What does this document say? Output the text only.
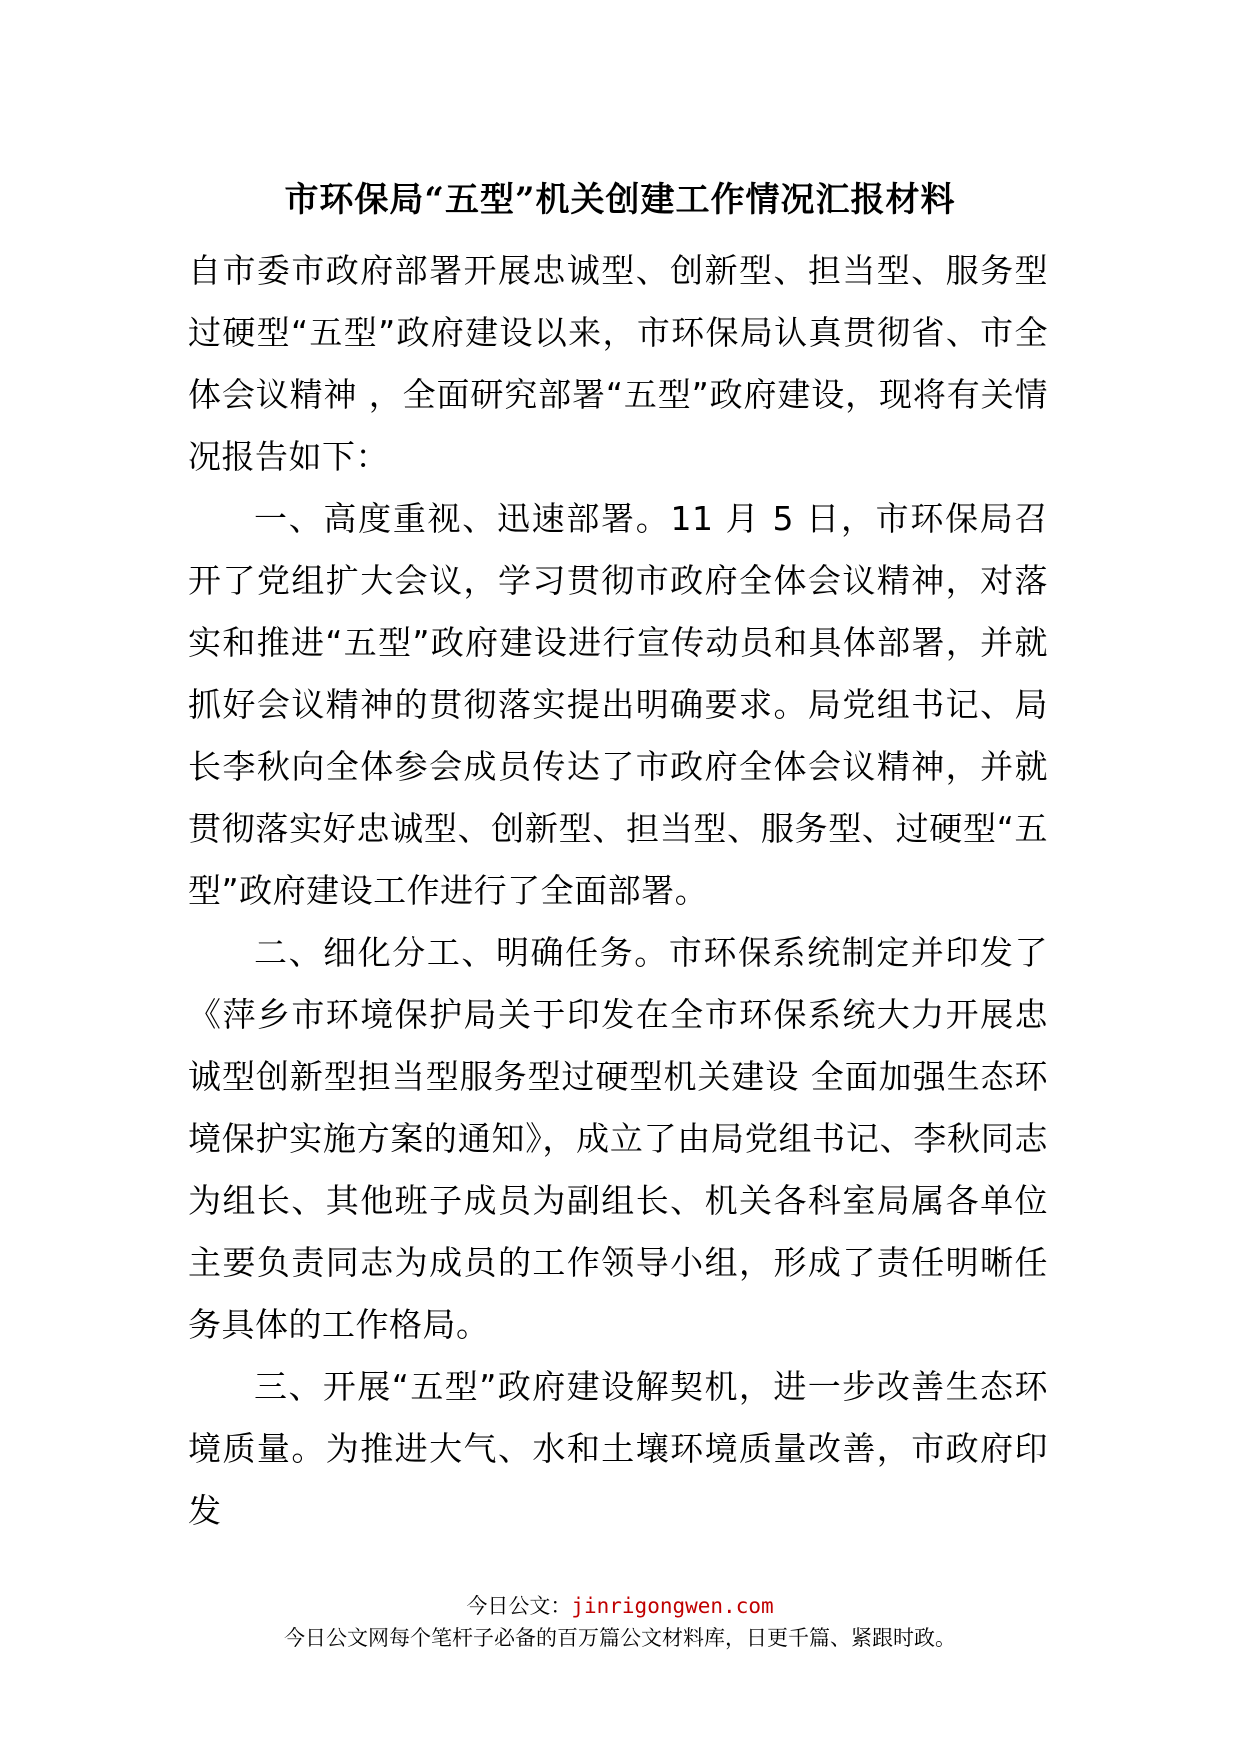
市环保局“五型”机关创建工作情况汇报材料

自市委市政府部署开展忠诚型、创新型、担当型、服务型过硬型“五型”政府建设以来，市环保局认真贯彻省、市全体会议精神 ，全面研究部署“五型”政府建设，现将有关情况报告如下：

一、高度重视、迅速部署。11 月 5 日，市环保局召开了党组扩大会议，学习贯彻市政府全体会议精神，对落实和推进“五型”政府建设进行宣传动员和具体部署，并就抓好会议精神的贯彻落实提出明确要求。局党组书记、局长李秋向全体参会成员传达了市政府全体会议精神，并就贯彻落实好忠诚型、创新型、担当型、服务型、过硬型“五型”政府建设工作进行了全面部署。

二、细化分工、明确任务。市环保系统制定并印发了《萍乡市环境保护局关于印发在全市环保系统大力开展忠诚型创新型担当型服务型过硬型机关建设 全面加强生态环境保护实施方案的通知》，成立了由局党组书记、李秋同志为组长、其他班子成员为副组长、机关各科室局属各单位主要负责同志为成员的工作领导小组，形成了责任明晰任务具体的工作格局。

三、开展“五型”政府建设解契机，进一步改善生态环境质量。为推进大气、水和土壤环境质量改善，市政府印发

今日公文：jinrigongwen.com
今日公文网每个笔杆子必备的百万篇公文材料库，日更千篇、紧跟时政。
